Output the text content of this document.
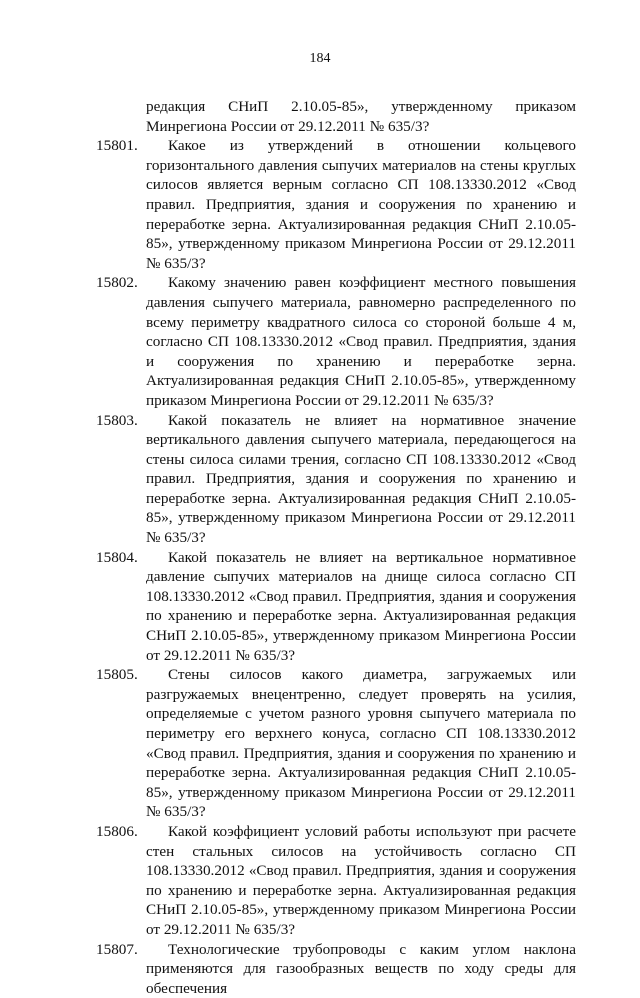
184
редакция СНиП 2.10.05-85», утвержденному приказом Минрегиона России от 29.12.2011 № 635/3?
15801.	Какое из утверждений в отношении кольцевого горизонтального давления сыпучих материалов на стены круглых силосов является верным согласно СП 108.13330.2012 «Свод правил. Предприятия, здания и сооружения по хранению и переработке зерна. Актуализированная редакция СНиП 2.10.05-85», утвержденному приказом Минрегиона России от 29.12.2011 № 635/3?
15802.	Какому значению равен коэффициент местного повышения давления сыпучего материала, равномерно распределенного по всему периметру квадратного силоса со стороной больше 4 м, согласно СП 108.13330.2012 «Свод правил. Предприятия, здания и сооружения по хранению и переработке зерна. Актуализированная редакция СНиП 2.10.05-85», утвержденному приказом Минрегиона России от 29.12.2011 № 635/3?
15803.	Какой показатель не влияет на нормативное значение вертикального давления сыпучего материала, передающегося на стены силоса силами трения, согласно СП 108.13330.2012 «Свод правил. Предприятия, здания и сооружения по хранению и переработке зерна. Актуализированная редакция СНиП 2.10.05-85», утвержденному приказом Минрегиона России от 29.12.2011 № 635/3?
15804.	Какой показатель не влияет на вертикальное нормативное давление сыпучих материалов на днище силоса согласно СП 108.13330.2012 «Свод правил. Предприятия, здания и сооружения по хранению и переработке зерна. Актуализированная редакция СНиП 2.10.05-85», утвержденному приказом Минрегиона России от 29.12.2011 № 635/3?
15805.	Стены силосов какого диаметра, загружаемых или разгружаемых внецентренно, следует проверять на усилия, определяемые с учетом разного уровня сыпучего материала по периметру его верхнего конуса, согласно СП 108.13330.2012 «Свод правил. Предприятия, здания и сооружения по хранению и переработке зерна. Актуализированная редакция СНиП 2.10.05-85», утвержденному приказом Минрегиона России от 29.12.2011 № 635/3?
15806.	Какой коэффициент условий работы используют при расчете стен стальных силосов на устойчивость согласно СП 108.13330.2012 «Свод правил. Предприятия, здания и сооружения по хранению и переработке зерна. Актуализированная редакция СНиП 2.10.05-85», утвержденному приказом Минрегиона России от 29.12.2011 № 635/3?
15807.	Технологические трубопроводы с каким углом наклона применяются для газообразных веществ по ходу среды для обеспечения
